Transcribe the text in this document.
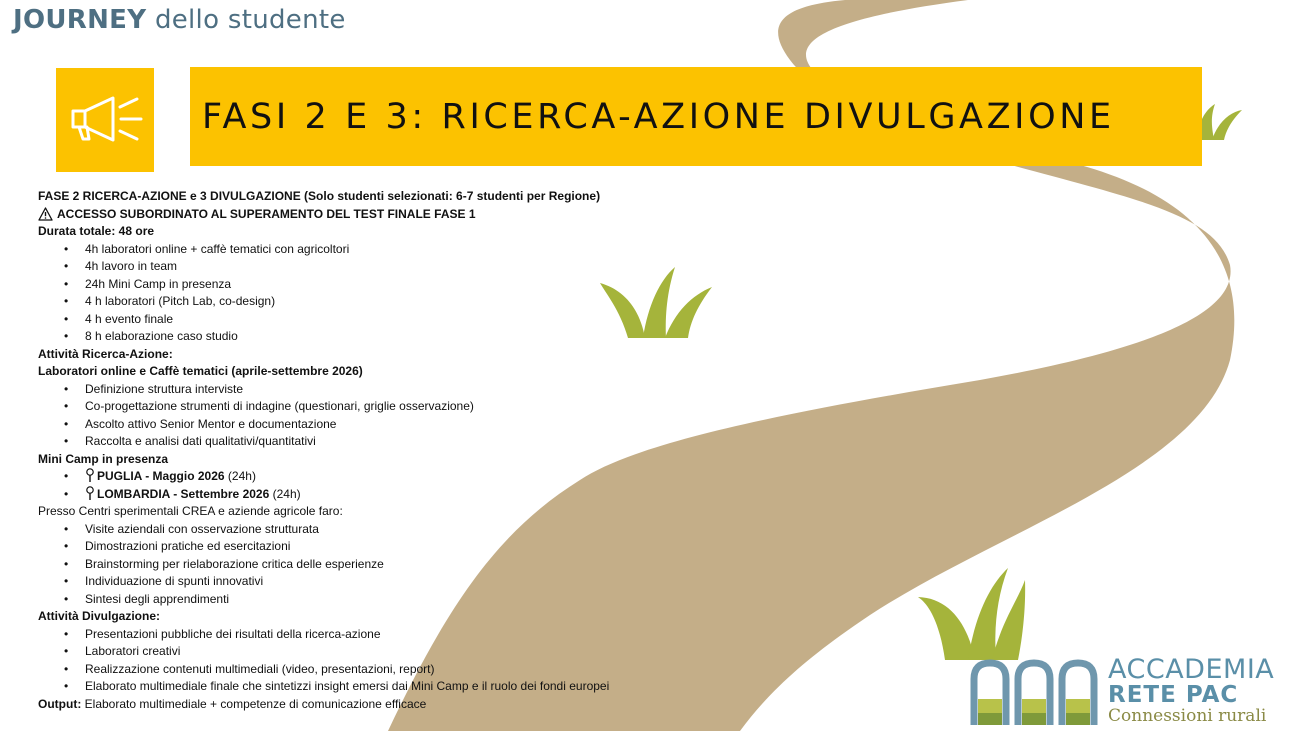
JOURNEY dello studente
FASI 2 E 3: RICERCA-AZIONE DIVULGAZIONE

FASE 2 RICERCA-AZIONE e 3 DIVULGAZIONE (Solo studenti selezionati: 6-7 studenti per Regione)

ACCESSO SUBORDINATO AL SUPERAMENTO DEL TEST FINALE FASE 1

Durata totale: 48 ore

• 4h laboratori online + caffè tematici con agricoltori
• 4h lavoro in team
• 24h Mini Camp in presenza
• 4 h laboratori (Pitch Lab, co-design)
• 4 h evento finale
• 8 h elaborazione caso studio

Attività Ricerca-Azione:

Laboratori online e Caffè tematici (aprile-settembre 2026)

• Definizione struttura interviste
• Co-progettazione strumenti di indagine (questionari, griglie osservazione)
• Ascolto attivo Senior Mentor e documentazione
• Raccolta e analisi dati qualitativi/quantitativi

Mini Camp in presenza

• PUGLIA - Maggio 2026 (24h)
• LOMBARDIA - Settembre 2026 (24h)

Presso Centri sperimentali CREA e aziende agricole faro:

• Visite aziendali con osservazione strutturata
• Dimostrazioni pratiche ed esercitazioni
• Brainstorming per rielaborazione critica delle esperienze
• Individuazione di spunti innovativi
• Sintesi degli apprendimenti

Attività Divulgazione:

• Presentazioni pubbliche dei risultati della ricerca-azione
• Laboratori creativi
• Realizzazione contenuti multimediali (video, presentazioni, report)
• Elaborato multimediale finale che sintetizzi insight emersi dai Mini Camp e il ruolo dei fondi europei

Output: Elaborato multimediale + competenze di comunicazione efficace

ACCADEMIA

RETE PAC

Connessioni rurali
